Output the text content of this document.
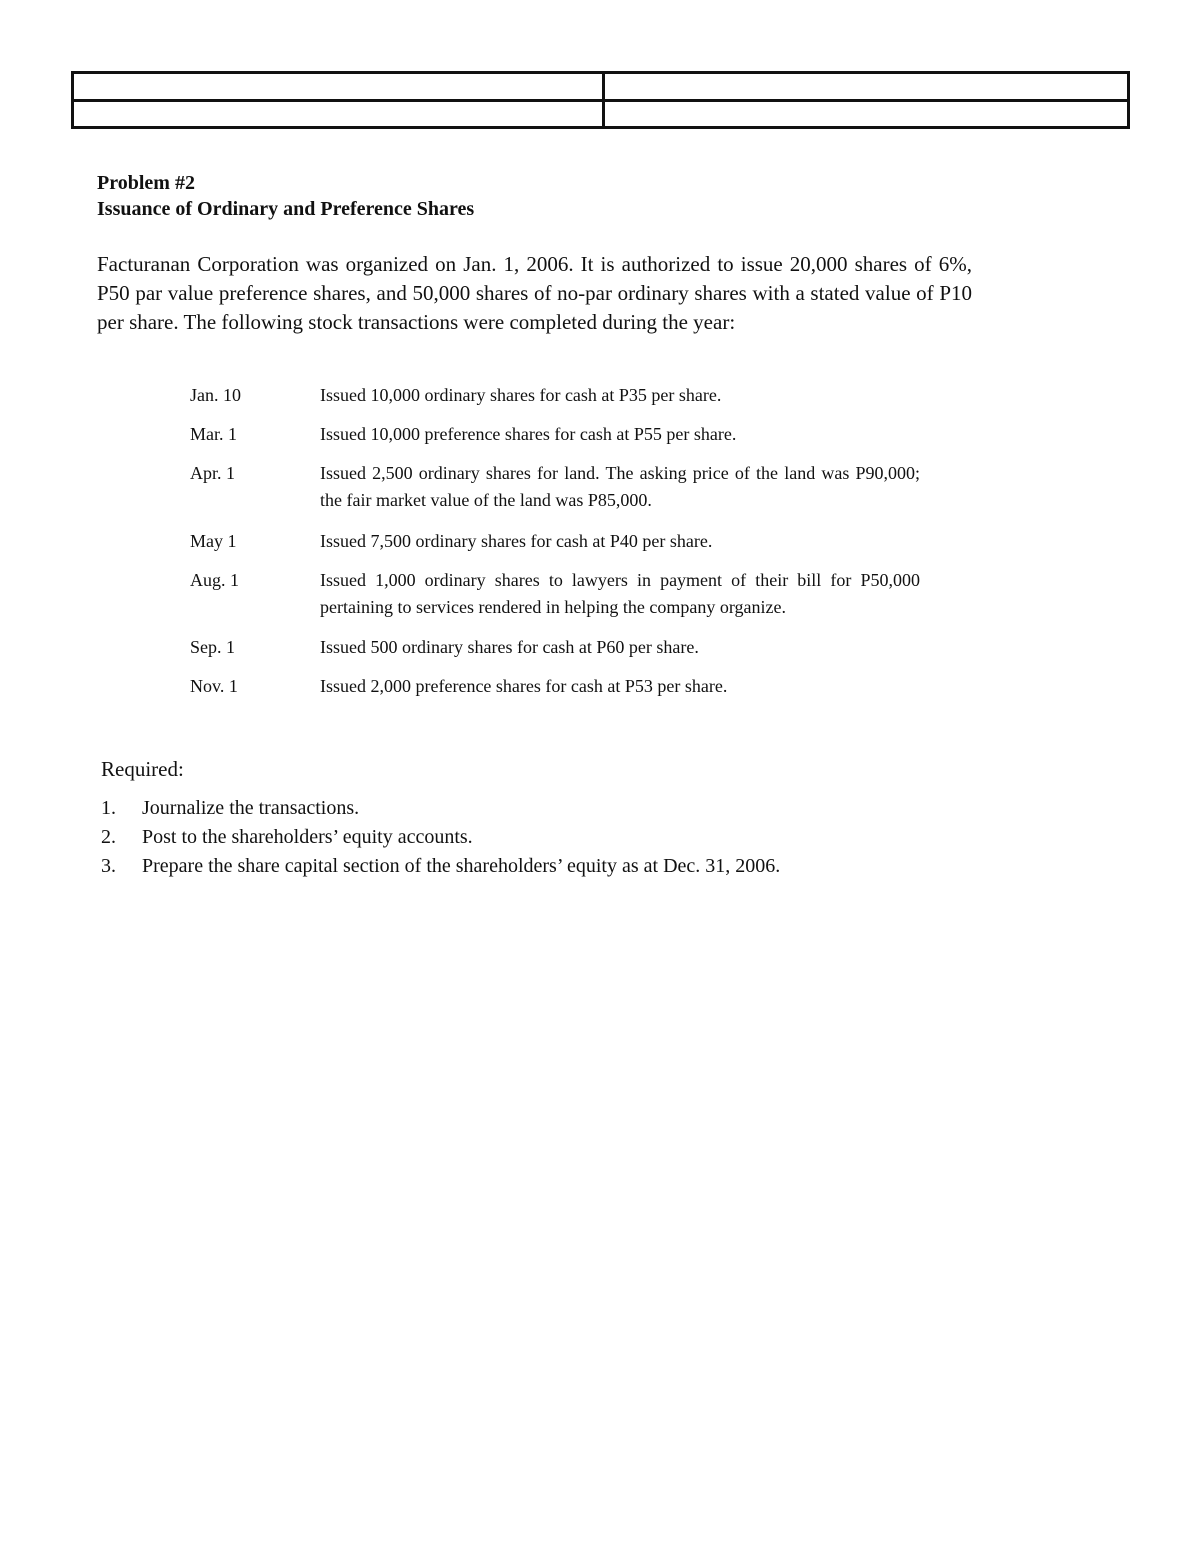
Problem #2
Issuance of Ordinary and Preference Shares

Facturanan Corporation was organized on Jan. 1, 2006. It is authorized to issue 20,000 shares of 6%, P50 par value preference shares, and 50,000 shares of no-par ordinary shares with a stated value of P10 per share. The following stock transactions were completed during the year:

Jan. 10	Issued 10,000 ordinary shares for cash at P35 per share.
Mar. 1	Issued 10,000 preference shares for cash at P55 per share.
Apr. 1	Issued 2,500 ordinary shares for land. The asking price of the land was P90,000; the fair market value of the land was P85,000.
May 1	Issued 7,500 ordinary shares for cash at P40 per share.
Aug. 1	Issued 1,000 ordinary shares to lawyers in payment of their bill for P50,000 pertaining to services rendered in helping the company organize.
Sep. 1	Issued 500 ordinary shares for cash at P60 per share.
Nov. 1	Issued 2,000 preference shares for cash at P53 per share.
Required:
1.	Journalize the transactions.
2.	Post to the shareholders’ equity accounts.
3.	Prepare the share capital section of the shareholders’ equity as at Dec. 31, 2006.
